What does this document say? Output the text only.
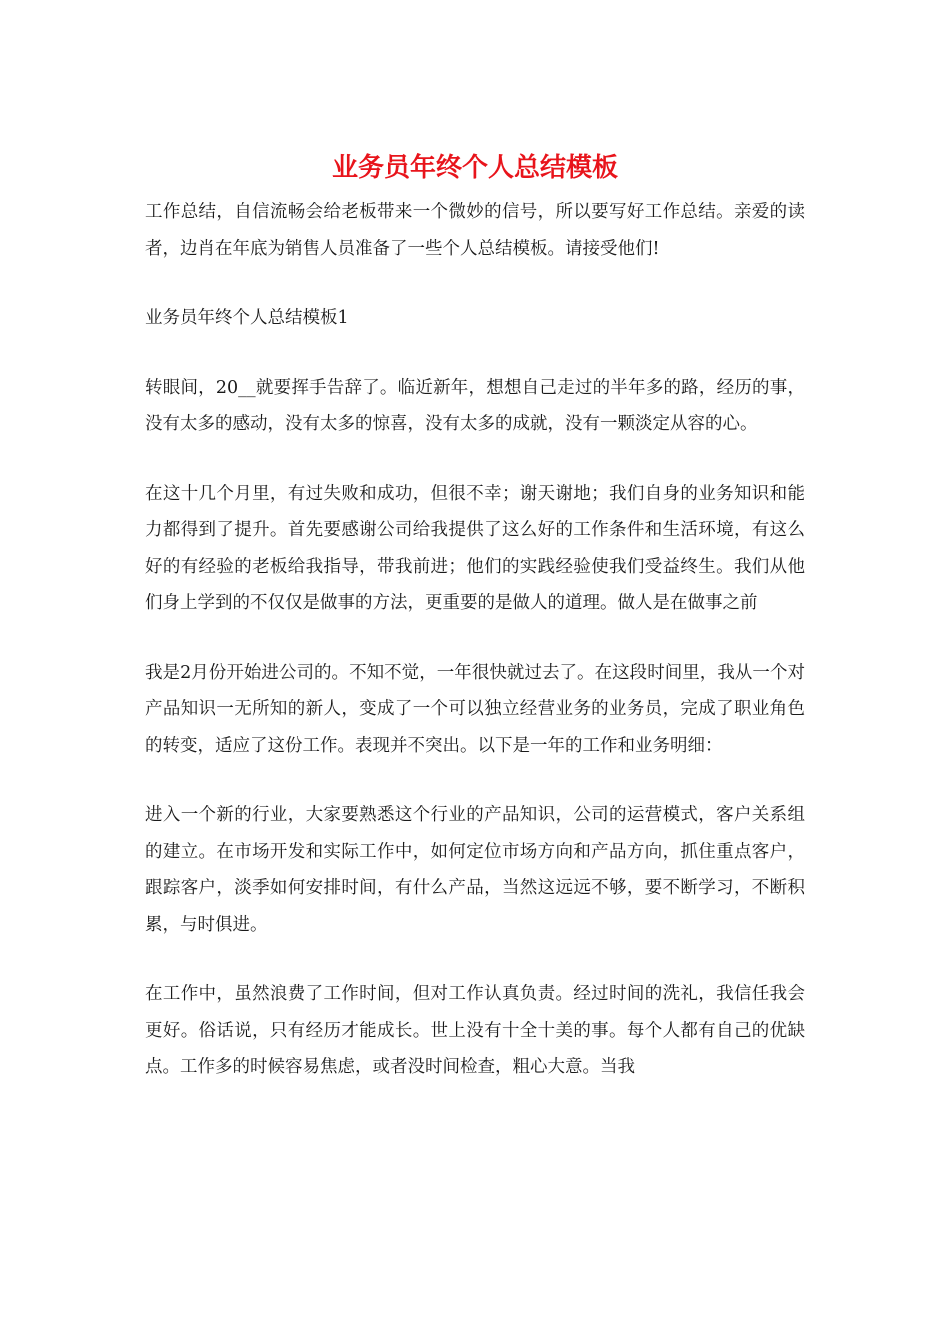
业务员年终个人总结模板

工作总结，自信流畅会给老板带来一个微妙的信号，所以要写好工作总结。亲爱的读者，边肖在年底为销售人员准备了一些个人总结模板。请接受他们!

业务员年终个人总结模板1

转眼间，20__就要挥手告辞了。临近新年，想想自己走过的半年多的路，经历的事，没有太多的感动，没有太多的惊喜，没有太多的成就，没有一颗淡定从容的心。

在这十几个月里，有过失败和成功，但很不幸；谢天谢地；我们自身的业务知识和能力都得到了提升。首先要感谢公司给我提供了这么好的工作条件和生活环境，有这么好的有经验的老板给我指导，带我前进；他们的实践经验使我们受益终生。我们从他们身上学到的不仅仅是做事的方法，更重要的是做人的道理。做人是在做事之前

我是2月份开始进公司的。不知不觉，一年很快就过去了。在这段时间里，我从一个对产品知识一无所知的新人，变成了一个可以独立经营业务的业务员，完成了职业角色的转变，适应了这份工作。表现并不突出。以下是一年的工作和业务明细：

进入一个新的行业，大家要熟悉这个行业的产品知识，公司的运营模式，客户关系组的建立。在市场开发和实际工作中，如何定位市场方向和产品方向，抓住重点客户，跟踪客户，淡季如何安排时间，有什么产品，当然这远远不够，要不断学习，不断积累，与时俱进。

在工作中，虽然浪费了工作时间，但对工作认真负责。经过时间的洗礼，我信任我会更好。俗话说，只有经历才能成长。世上没有十全十美的事。每个人都有自己的优缺点。工作多的时候容易焦虑，或者没时间检查，粗心大意。当我
